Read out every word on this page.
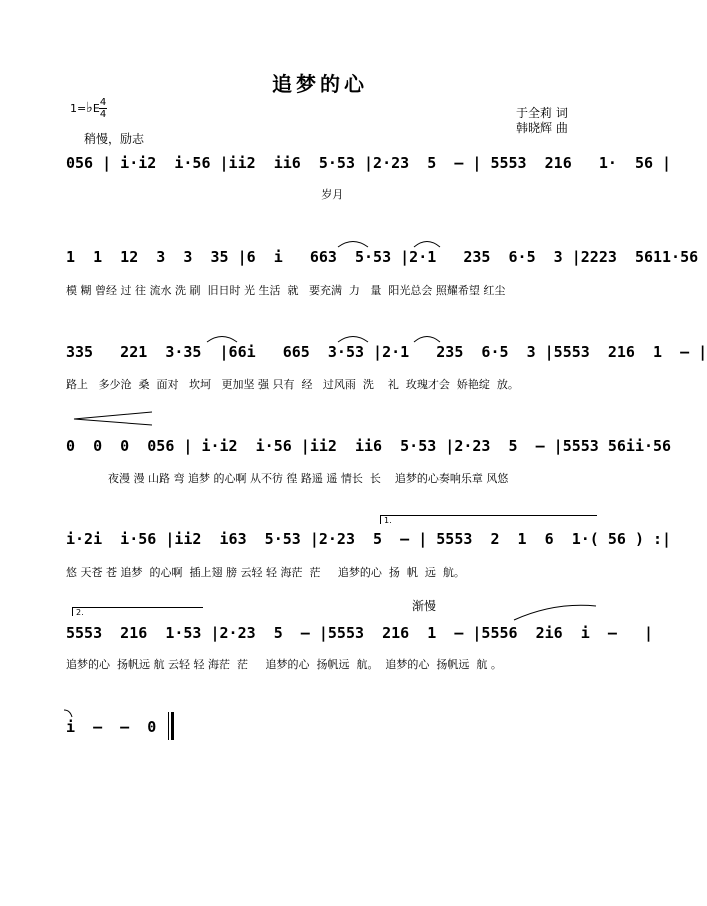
追梦的心
1=♭E 4
4
稍慢，励志
于全莉 词
韩晓辉 曲
056 | i·i2  i·56 |ii2  ii6  5·53 |2·23  5  – | 5553  216   1·  56 |
岁月
1  1  12  3  3  35 |6  i   663  5·53 |2·1   235  6·5  3 |2223  5611·56
模 糊 曾经 过 往 流水 洗 刷  旧日时 光 生活  就   要充满  力   量  阳光总会 照耀希望 红尘
335   221  3·35  |66i   665  3·53 |2·1   235  6·5  3 |5553  216  1  – |
路上   多少沧  桑  面对   坎坷   更加坚 强 只有  经   过风雨  洗    礼  玫瑰才会  娇艳绽  放。
0  0  0  056 | i·i2  i·56 |ii2  ii6  5·53 |2·23  5  – |5553 56ii·56
夜漫 漫 山路 弯 追梦 的心啊 从不彷 徨 路遥 遥 情长  长    追梦的心奏响乐章 风悠
1.
i·2i  i·56 |ii2  i63  5·53 |2·23  5  – | 5553  2  1  6  1·( 56 ) :|
悠 天苍 苍 追梦  的心啊  插上翅 膀 云轻 轻 海茫  茫     追梦的心  扬  帆  远  航。
2.	渐慢
5553  216  1·53 |2·23  5  – |5553  216  1  – |5556  2i6  i  –   |
追梦的心  扬帆远 航 云轻 轻 海茫  茫     追梦的心  扬帆远  航。  追梦的心  扬帆远  航 。
i  –  –  0
